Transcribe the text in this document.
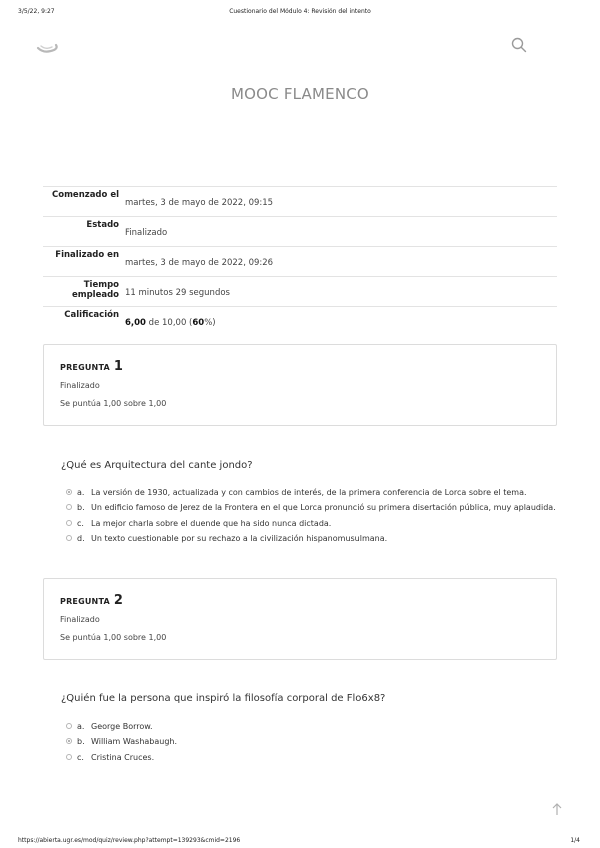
3/5/22, 9:27	Cuestionario del Módulo 4: Revisión del intento
MOOC FLAMENCO
Comenzado el	martes, 3 de mayo de 2022, 09:15
Estado	Finalizado
Finalizado en	martes, 3 de mayo de 2022, 09:26
Tiempo empleado	11 minutos 29 segundos
Calificación	6,00 de 10,00 (60%)
PREGUNTA 1
Finalizado
Se puntúa 1,00 sobre 1,00
¿Qué es Arquitectura del cante jondo?
a. La versión de 1930, actualizada y con cambios de interés, de la primera conferencia de Lorca sobre el tema.
b. Un edificio famoso de Jerez de la Frontera en el que Lorca pronunció su primera disertación pública, muy aplaudida.
c. La mejor charla sobre el duende que ha sido nunca dictada.
d. Un texto cuestionable por su rechazo a la civilización hispanomusulmana.
PREGUNTA 2
Finalizado
Se puntúa 1,00 sobre 1,00
¿Quién fue la persona que inspiró la filosofía corporal de Flo6x8?
a. George Borrow.
b. William Washabaugh.
c. Cristina Cruces.
https://abierta.ugr.es/mod/quiz/review.php?attempt=139293&cmid=2196	1/4
